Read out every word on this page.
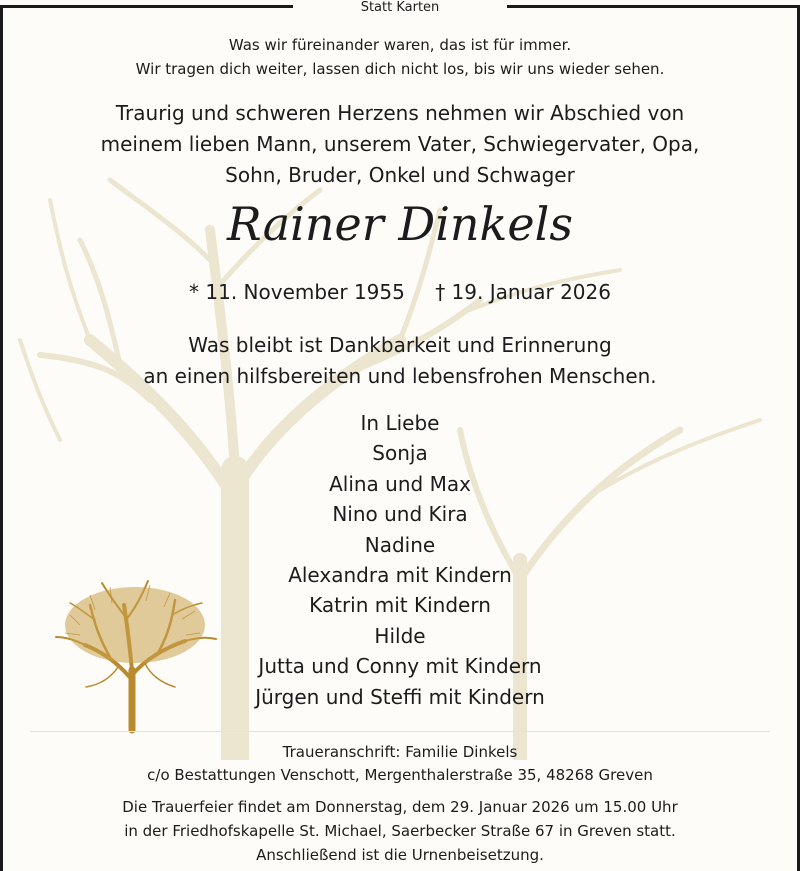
Statt Karten
Was wir füreinander waren, das ist für immer.
Wir tragen dich weiter, lassen dich nicht los, bis wir uns wieder sehen.
Traurig und schweren Herzens nehmen wir Abschied von
meinem lieben Mann, unserem Vater, Schwiegervater, Opa,
Sohn, Bruder, Onkel und Schwager
Rainer Dinkels
* 11. November 1955 † 19. Januar 2026
Was bleibt ist Dankbarkeit und Erinnerung
an einen hilfsbereiten und lebensfrohen Menschen.
In Liebe
Sonja
Alina und Max
Nino und Kira
Nadine
Alexandra mit Kindern
Katrin mit Kindern
Hilde
Jutta und Conny mit Kindern
Jürgen und Steffi mit Kindern
Traueranschrift: Familie Dinkels
c/o Bestattungen Venschott, Mergenthalerstraße 35, 48268 Greven
Die Trauerfeier findet am Donnerstag, dem 29. Januar 2026 um 15.00 Uhr
in der Friedhofskapelle St. Michael, Saerbecker Straße 67 in Greven statt.
Anschließend ist die Urnenbeisetzung.
